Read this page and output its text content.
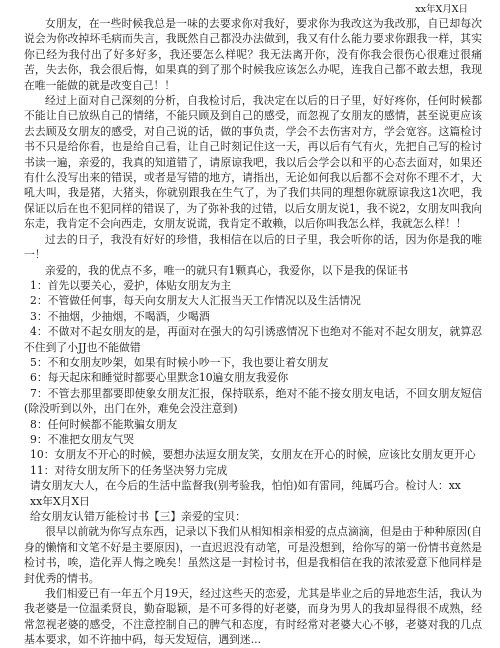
xx年X月X日

女朋友，在一些时候我总是一味的去要求你对我好，要求你为我改这为我改那，自已却每次说会为你改掉坏毛病而失言，我既然自己都没办法做到，我又有什么能力要求你跟我一样，其实你已经为我付出了好多好多，我还要怎么样呢？我无法离开你，没有你我会很伤心很难过很痛苦，失去你，我会很后悔，如果真的到了那个时候我应该怎么办呢，连我自己都不敢去想，我现在唯一能做的就是改变自己！！

经过上面对自己深刻的分析，自我检讨后，我决定在以后的日子里，好好疼你，任何时候都不能让自已放纵自己的情绪，不能只顾及到自己的感受，而忽视了女朋友的感情，甚至说更应该去去顾及女朋友的感受，对自己说的话，做的事负责，学会不去伤害对方，学会宽容。这篇检讨书不只是给你看，也是给自己看，让自己时刻记住这一天，再以后有气有火，先把自己写的检讨书读一遍，亲爱的，我真的知道错了，请原谅我吧，我以后会学会以和平的心态去面对，如果还有什么没写出来的错误，或者是写错的地方，请指出，无论如何我以后都不会对你不理不才，大吼大叫，我是猪，大猪头，你就别跟我在生气了，为了我们共同的理想你就原谅我这1次吧，我保证以后在也不犯同样的错误了，为了弥补我的过错，以后女朋友说1，我不说2，女朋友叫我向东走，我肯定不会向西走，女朋友说谎，我肯定不敢赖，以后你叫我怎么样，我就怎么样！！

过去的日子，我没有好好的珍惜，我相信在以后的日子里，我会听你的话，因为你是我的唯一！

亲爱的，我的优点不多，唯一的就只有1颗真心，我爱你，以下是我的保证书

1：首先以要关心，爱护，体贴女朋友为主

2：不管做任何事，每天向女朋友大人汇报当天工作情况以及生活情况

3：不抽烟，少抽烟，不喝酒，少喝酒

4：不做对不起女朋友的是，再面对在强大的勾引诱惑情况下也绝对不能对不起女朋友，就算忍不住到了小JJ也不能做错

5：不和女朋友吵架，如果有时候小吵一下，我也要让着女朋友

6：每天起床和睡觉时都要心里默念10遍女朋友我爱你

7：不管去那里都要即使象女朋友汇报，保持联系，绝对不能不接女朋友电话，不回女朋友短信(除没听到以外，出门在外，难免会没注意到)

8：任何时候都不能欺骗女朋友

9：不准把女朋友气哭

10：女朋友不开心的时候，要想办法逗女朋友笑，女朋友在开心的时候，应该比女朋友更开心

11：对待女朋友所下的任务坚决努力完成

请女朋友大人，在今后的生活中监督我(别考验我，怕怕)如有雷同，纯属巧合。检讨人：xx

xx年X月X日

给女朋友认错万能检讨书【三】亲爱的宝贝：

很早以前就为你写点东西，记录以下我们从相知相亲相爱的点点滴滴，但是由于种种原因(自身的懒惰和文笔不好是主要原因)，一直迟迟没有动笔，可是没想到，给你写的第一份情书竟然是检讨书，唉，造化弄人悔之晚矣！虽然这是一封检讨书，但是我相信在我的浓浓爱意下他同样是封优秀的情书。

我们相爱已有一年五个月19天，经过这些天的恋爱，尤其是毕业之后的异地恋生活，我认为我老婆是一位温柔贤良，勤奋聪颖，是不可多得的好老婆，而身为男人的我却显得很不成熟，经常忽视老婆的感受，不注意控制自己的脾气和态度，有时经常对老婆大心不够，老婆对我的几点基本要求，如不许抽中码，每天发短信，遇到迷...
